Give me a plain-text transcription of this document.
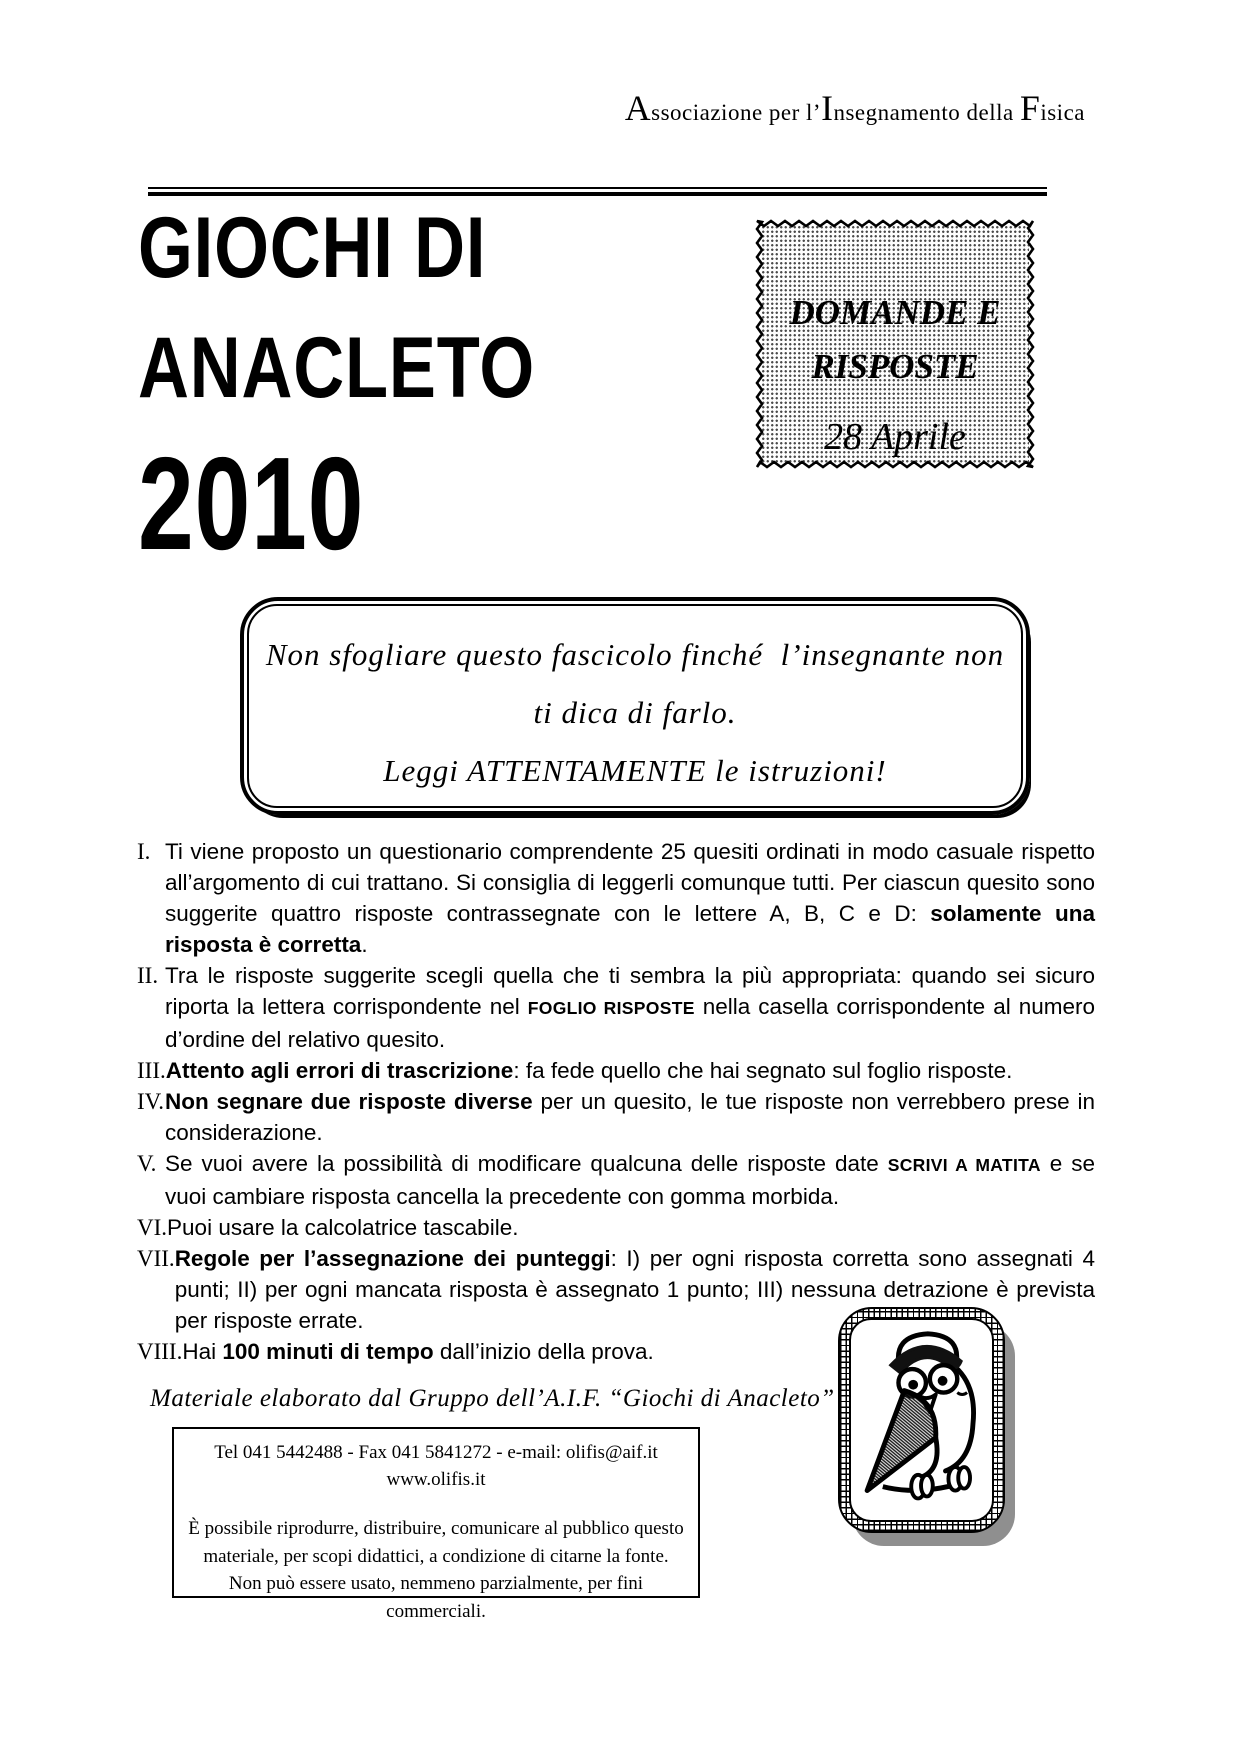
Associazione per l’Insegnamento della Fisica
GIOCHI DI
ANACLETO
2010
DOMANDE E
RISPOSTE
28 Aprile
Non sfogliare questo fascicolo finché  l’insegnante non
ti dica di farlo.
Leggi ATTENTAMENTE le istruzioni!
I. Ti viene proposto un questionario comprendente 25 quesiti ordinati in modo casuale rispetto all’argomento di cui trattano. Si consiglia di leggerli comunque tutti. Per ciascun quesito sono suggerite quattro risposte contrassegnate con le lettere A, B, C e D: solamente una risposta è corretta.
II. Tra le risposte suggerite scegli quella che ti sembra la più appropriata: quando sei sicuro riporta la lettera corrispondente nel FOGLIO RISPOSTE nella casella corrispondente al numero d’ordine del relativo quesito.
III. Attento agli errori di trascrizione: fa fede quello che hai segnato sul foglio risposte.
IV. Non segnare due risposte diverse per un quesito, le tue risposte non verrebbero prese in considerazione.
V. Se vuoi avere la possibilità di modificare qualcuna delle risposte date SCRIVI A MATITA e se vuoi cambiare risposta cancella la precedente con gomma morbida.
VI. Puoi usare la calcolatrice tascabile.
VII. Regole per l’assegnazione dei punteggi: I) per ogni risposta corretta sono assegnati 4 punti; II) per ogni mancata risposta è assegnato 1 punto; III) nessuna detrazione è prevista per risposte errate.
VIII. Hai 100 minuti di tempo dall’inizio della prova.
Materiale elaborato dal Gruppo dell’A.I.F. “Giochi di Anacleto”
Tel 041 5442488 - Fax 041 5841272 - e-mail: olifis@aif.it
www.olifis.it
È possibile riprodurre, distribuire, comunicare al pubblico questo materiale, per scopi didattici, a condizione di citarne la fonte. Non può essere usato, nemmeno parzialmente, per fini commerciali.
